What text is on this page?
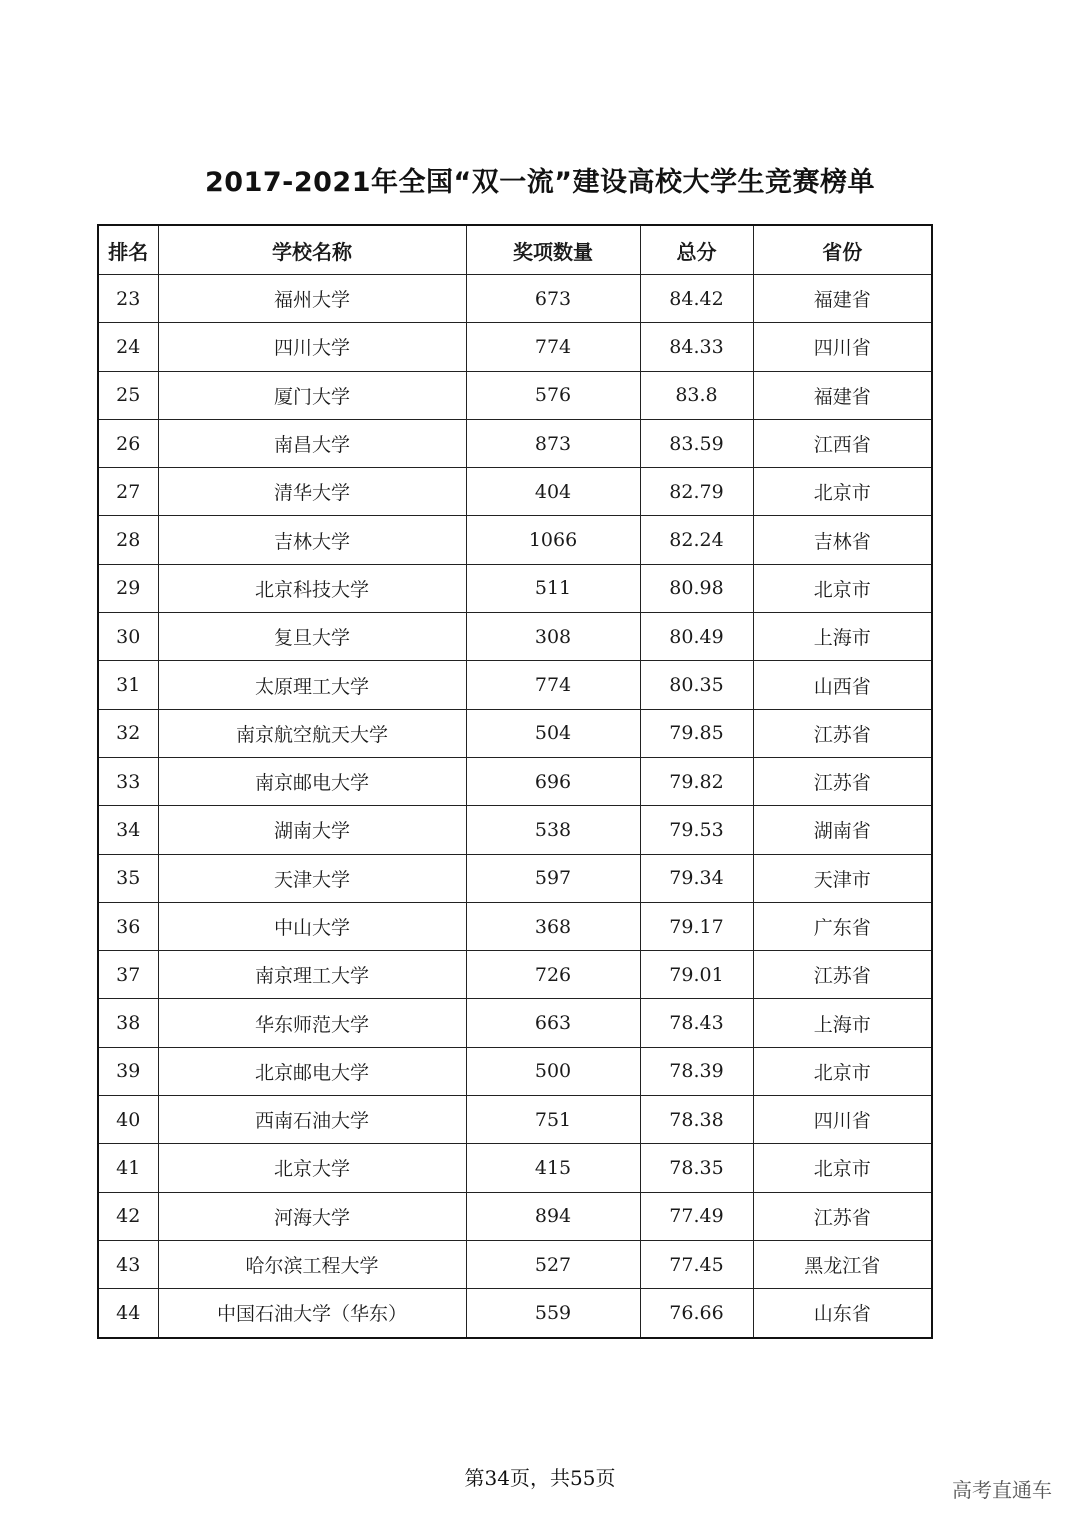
2017-2021年全国“双一流”建设高校大学生竞赛榜单
排名	学校名称	奖项数量	总分	省份
23	福州大学	673	84.42	福建省
24	四川大学	774	84.33	四川省
25	厦门大学	576	83.8	福建省
26	南昌大学	873	83.59	江西省
27	清华大学	404	82.79	北京市
28	吉林大学	1066	82.24	吉林省
29	北京科技大学	511	80.98	北京市
30	复旦大学	308	80.49	上海市
31	太原理工大学	774	80.35	山西省
32	南京航空航天大学	504	79.85	江苏省
33	南京邮电大学	696	79.82	江苏省
34	湖南大学	538	79.53	湖南省
35	天津大学	597	79.34	天津市
36	中山大学	368	79.17	广东省
37	南京理工大学	726	79.01	江苏省
38	华东师范大学	663	78.43	上海市
39	北京邮电大学	500	78.39	北京市
40	西南石油大学	751	78.38	四川省
41	北京大学	415	78.35	北京市
42	河海大学	894	77.49	江苏省
43	哈尔滨工程大学	527	77.45	黑龙江省
44	中国石油大学（华东）	559	76.66	山东省
第34页，共55页	高考直通车
